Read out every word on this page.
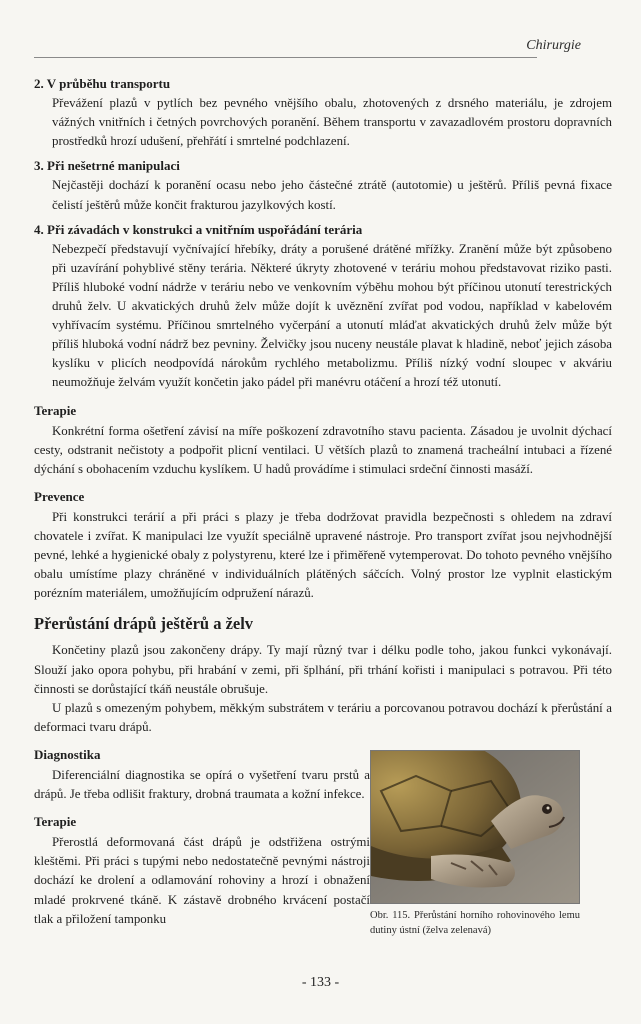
Chirurgie
2. V průběhu transportu
Převážení plazů v pytlích bez pevného vnějšího obalu, zhotovených z drsného materiálu, je zdrojem vážných vnitřních i četných povrchových poranění. Během transportu v zavazadlovém prostoru dopravních prostředků hrozí udušení, přehřátí i smrtelné podchlazení.
3. Při nešetrné manipulaci
Nejčastěji dochází k poranění ocasu nebo jeho částečné ztrátě (autotomie) u ještěrů. Příliš pevná fixace čelistí ještěrů může končit frakturou jazylkových kostí.
4. Při závadách v konstrukci a vnitřním uspořádání terária
Nebezpečí představují vyčnívající hřebíky, dráty a porušené drátěné mřížky. Zranění může být způsobeno při uzavírání pohyblivé stěny terária. Některé úkryty zhotovené v teráriu mohou představovat riziko pasti. Příliš hluboké vodní nádrže v teráriu nebo ve venkovním výběhu mohou být příčinou utonutí terestrických druhů želv. U akvatických druhů želv může dojít k uvěznění zvířat pod vodou, například v kabelovém vyhřívacím systému. Příčinou smrtelného vyčerpání a utonutí mláďat akvatických druhů želv může být příliš hluboká vodní nádrž bez pevniny. Želvičky jsou nuceny neustále plavat k hladině, neboť jejich zásoba kyslíku v plicích neodpovídá nárokům rychlého metabolizmu. Příliš nízký vodní sloupec v akváriu neumožňuje želvám využít končetin jako pádel při manévru otáčení a hrozí též utonutí.
Terapie

Konkrétní forma ošetření závisí na míře poškození zdravotního stavu pacienta. Zásadou je uvolnit dýchací cesty, odstranit nečistoty a podpořit plicní ventilaci. U větších plazů to znamená tracheální intubaci a řízené dýchání s obohacením vzduchu kyslíkem. U hadů provádíme i stimulaci srdeční činnosti masáží.

Prevence

Při konstrukci terárií a při práci s plazy je třeba dodržovat pravidla bezpečnosti s ohledem na zdraví chovatele i zvířat. K manipulaci lze využít speciálně upravené nástroje. Pro transport zvířat jsou nejvhodnější pevné, lehké a hygienické obaly z polystyrenu, které lze i přiměřeně vytemperovat. Do tohoto pevného vnějšího obalu umístíme plazy chráněné v individuálních plátěných sáčcích. Volný prostor lze vyplnit elastickým porézním materiálem, umožňujícím odpružení nárazů.

Přerůstání drápů ještěrů a želv

Končetiny plazů jsou zakončeny drápy. Ty mají různý tvar i délku podle toho, jakou funkci vykonávají. Slouží jako opora pohybu, při hrabání v zemi, při šplhání, při trhání kořisti i manipulaci s potravou. Při této činnosti se dorůstající tkáň neustále obrušuje.

U plazů s omezeným pohybem, měkkým substrátem v teráriu a porcovanou potravou dochází k přerůstání a deformaci tvaru drápů.

Diagnostika

Diferenciální diagnostika se opírá o vyšetření tvaru prstů a drápů. Je třeba odlišit fraktury, drobná traumata a kožní infekce.

Terapie

Přerostlá deformovaná část drápů je odstřižena ostrými kleštěmi. Při práci s tupými nebo nedostatečně pevnými nástroji dochází ke drolení a odlamování rohoviny a hrozí i obnažení mladé prokrvené tkáně. K zástavě drobného krvácení postačí tlak a přiložení tamponku	Obr. 115. Přerůstání horního rohovinového lemu dutiny ústní (želva zelenavá)
- 133 -
